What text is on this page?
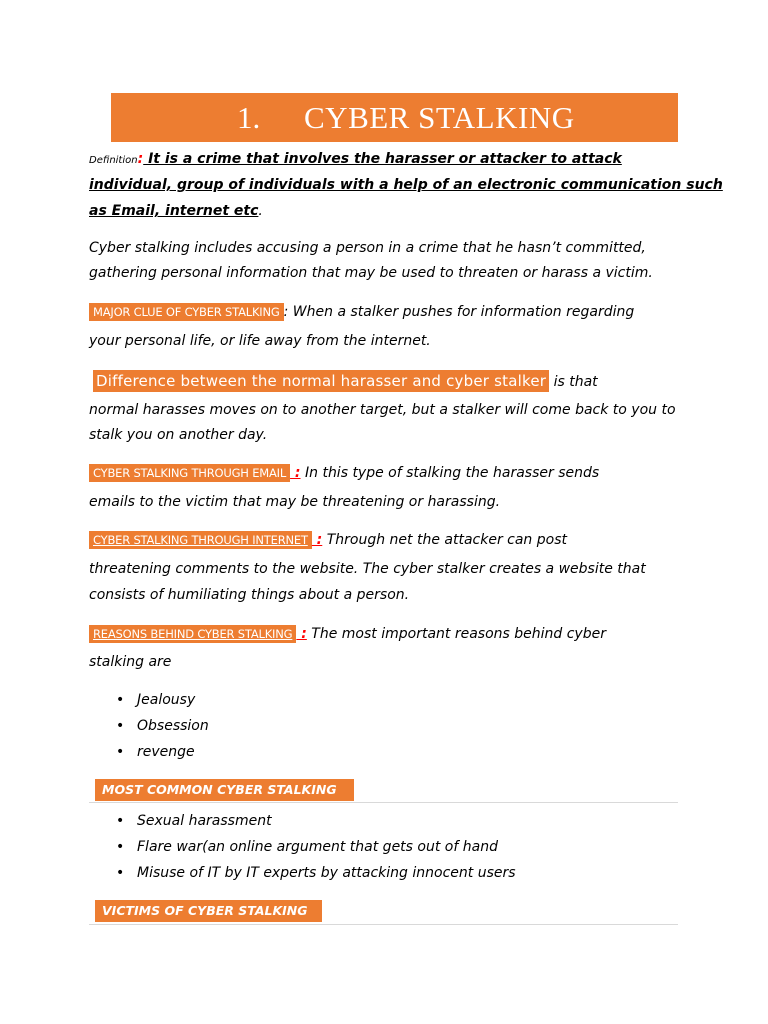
1. CYBER STALKING
Definition: It is a crime that involves the harasser or attacker to attack
individual, group of individuals with a help of an electronic communication such
as Email, internet etc.
Cyber stalking includes accusing a person in a crime that he hasn’t committed,
gathering personal information that may be used to threaten or harass a victim.
MAJOR CLUE OF CYBER STALKING : When a stalker pushes for information regarding
your personal life, or life away from the internet.
Difference between the normal harasser and cyber stalker is that
normal harasses moves on to another target, but a stalker will come back to you to
stalk you on another day.
CYBER STALKING THROUGH EMAIL : In this type of stalking the harasser sends
emails to the victim that may be threatening or harassing.
CYBER STALKING THROUGH INTERNET : Through net the attacker can post
threatening comments to the website. The cyber stalker creates a website that
consists of humiliating things about a person.
REASONS BEHIND CYBER STALKING : The most important reasons behind cyber
stalking are
• Jealousy
• Obsession
• revenge
MOST COMMON CYBER STALKING
• Sexual harassment
• Flare war(an online argument that gets out of hand
• Misuse of IT by IT experts by attacking innocent users
VICTIMS OF CYBER STALKING
